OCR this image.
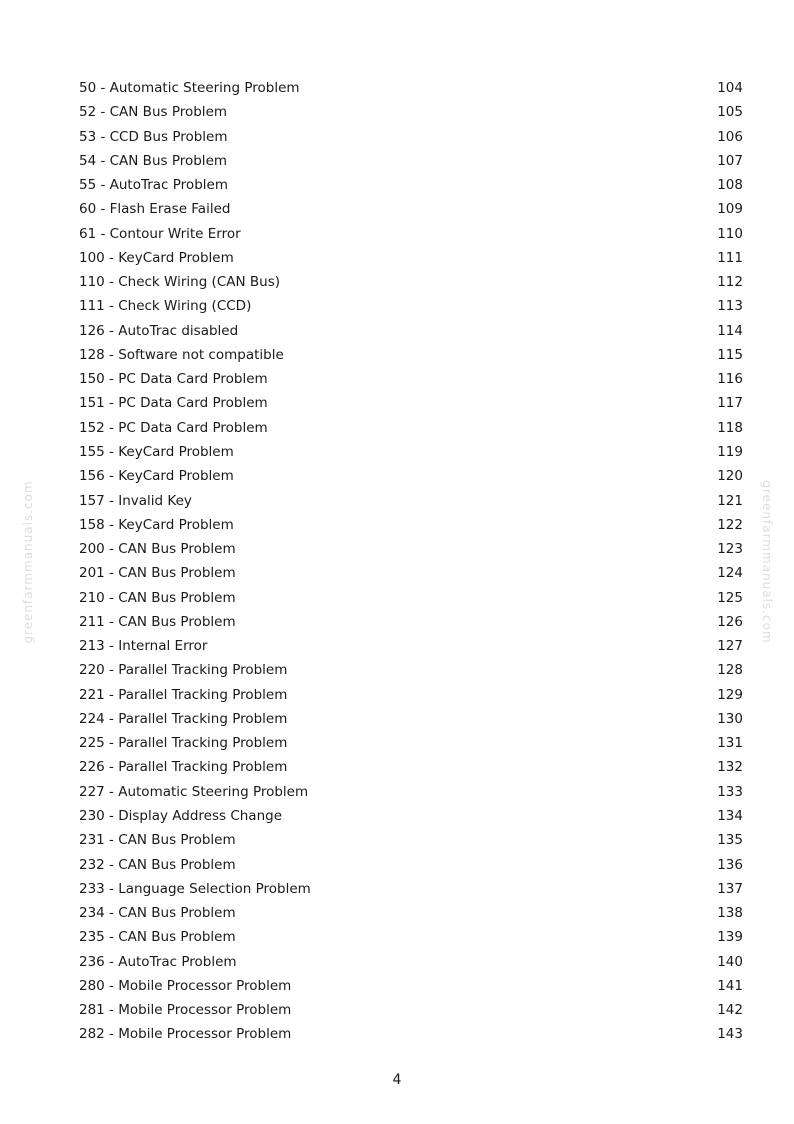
greenfarmmanuals.com	greenfarmmanuals.com
50 - Automatic Steering Problem	104
52 - CAN Bus Problem	105
53 - CCD Bus Problem	106
54 - CAN Bus Problem	107
55 - AutoTrac Problem	108
60 - Flash Erase Failed	109
61 - Contour Write Error	110
100 - KeyCard Problem	111
110 - Check Wiring (CAN Bus)	112
111 - Check Wiring (CCD)	113
126 - AutoTrac disabled	114
128 - Software not compatible	115
150 - PC Data Card Problem	116
151 - PC Data Card Problem	117
152 - PC Data Card Problem	118
155 - KeyCard Problem	119
156 - KeyCard Problem	120
157 - Invalid Key	121
158 - KeyCard Problem	122
200 - CAN Bus Problem	123
201 - CAN Bus Problem	124
210 - CAN Bus Problem	125
211 - CAN Bus Problem	126
213 - Internal Error	127
220 - Parallel Tracking Problem	128
221 - Parallel Tracking Problem	129
224 - Parallel Tracking Problem	130
225 - Parallel Tracking Problem	131
226 - Parallel Tracking Problem	132
227 - Automatic Steering Problem	133
230 - Display Address Change	134
231 - CAN Bus Problem	135
232 - CAN Bus Problem	136
233 - Language Selection Problem	137
234 - CAN Bus Problem	138
235 - CAN Bus Problem	139
236 - AutoTrac Problem	140
280 - Mobile Processor Problem	141
281 - Mobile Processor Problem	142
282 - Mobile Processor Problem	143
4
